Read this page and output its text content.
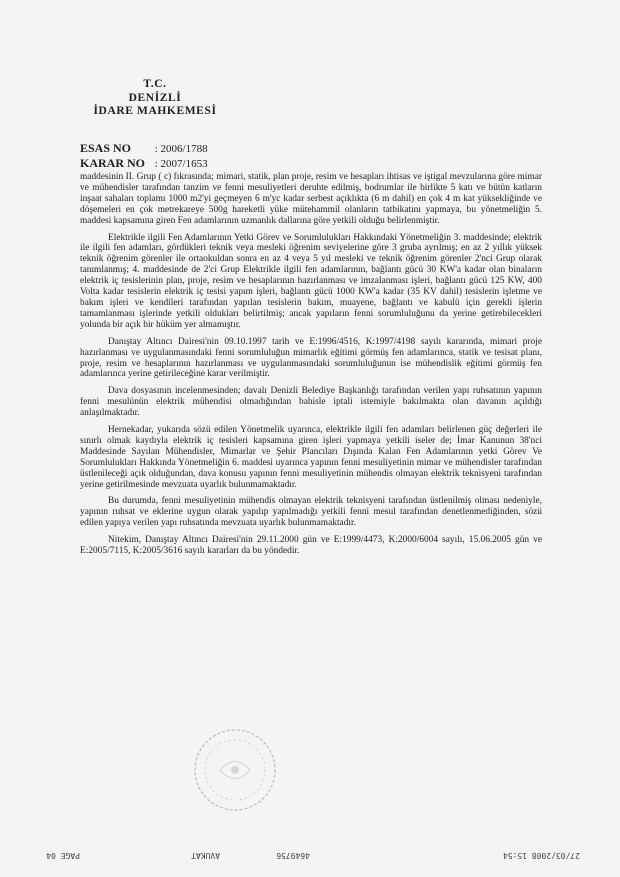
T.C.
DENİZLİ
İDARE MAHKEMESİ
ESAS NO : 2006/1788
KARAR NO : 2007/1653

maddesinin II. Grup ( c) fıkrasında; mimari, statik, plan proje, resim ve hesapları ihtisas ve iştigal mevzularına göre mimar ve mühendisler tarafından tanzim ve fenni mesuliyetleri deruhte edilmiş, bodrumlar ile birlikte 5 katı ve bütün katların inşaat sahaları toplamı 1000 m2'yi geçmeyen 6 m'yc kadar serbest açıklıkta (6 m dahil) en çok 4 m kat yüksekliğinde ve döşemeleri en çok metrekareye 500g hareketli yüke mütehammil olanların tatbikatını yapmaya, bu yönetmeliğin 5. maddesi kapsamına giren Fen adamlarının uzmanlık dallarına göre yetkili olduğu belirlenmiştir.

Elektrikle ilgili Fen Adamlarının Yetki Görev ve Sorumlulukları Hakkındaki Yönetmeliğin 3. maddesinde; elektrik ile ilgili fen adamları, gördükleri teknik veya mesleki öğrenim seviyelerine göre 3 gruba ayrılmış; en az 2 yıllık yüksek teknik öğrenim görenler ile ortaokuldan sonra en az 4 veya 5 yıl mesleki ve teknik öğrenim görenler 2'nci Grup olarak tanımlanmış; 4. maddesinde de 2'ci Grup Elektrikle ilgili fen adamlarının, bağlantı gücü 30 KW'a kadar olan binaların elektrik iç tesislerinin plan, proje, resim ve hesaplarının hazırlanması ve imzalanması işleri, bağlantı gücü 125 KW, 400 Volta kadar tesislerin elektrik iç tesisi yapım işleri, bağlantı gücü 1000 KW'a kadar (35 KV dahil) tesislerin işletme ve bakım işleri ve kendileri tarafından yapılan tesislerin bakım, muayene, bağlantı ve kabulü için gerekli işlerin tamamlanması işlerinde yetkili oldukları belirtilmiş; ancak yapıların fenni sorumluluğunu da yerine getirebilecekleri yolunda bir açık bir hüküm yer almamıştır.

Danıştay Altıncı Dairesi'nin 09.10.1997 tarih ve E:1996/4516, K:1997/4198 sayılı kararında, mimari proje hazırlanması ve uygulanmasındaki fenni sorumluluğun mimarlık eğitimi görmüş fen adamlarınca, statik ve tesisat planı, proje, resim ve hesaplarının hazırlanması ve uygulanmasındaki sorumluluğunun ise mühendislik eğitimi görmüş fen adamlarınca yerine getirileceğine karar verilmiştir.

Dava dosyasının incelenmesinden; davalı Denizli Belediye Başkanlığı tarafından verilen yapı ruhsatının yapının fenni mesulünün elektrik mühendisi olmadığından bahisle iptali istemiyle bakılmakta olan davanın açıldığı anlaşılmaktadır.

Hernekadar, yukarıda sözü edilen Yönetmelik uyarınca, elektrikle ilgili fen adamları belirlenen güç değerleri ile sınırlı olmak kaydıyla elektrik iç tesisleri kapsamına giren işleri yapmaya yetkili iseler de; İmar Kanunun 38'nci Maddesinde Sayılan Mühendisler, Mimarlar ve Şehir Plancıları Dışında Kalan Fen Adamlarının yetki Görev Ve Sorumlulukları Hakkında Yönetmeliğin 6. maddesi uyarınca yapının fenni mesuliyetinin mimar ve mühendisler tarafından üstlenileceği açık olduğundan, dava konusu yapının fenni mesuliyetinin mühendis olmayan elektrik teknisyeni tarafından yerine getirilmesinde mevzuata uyarlık bulunmamaktadır.

Bu durumda, fenni mesuliyetinin mühendis olmayan elektrik teknisyeni tarafından üstlenilmiş olması nedeniyle, yapının ruhsat ve eklerine uygun olarak yapılıp yapılmadığı yetkili fenni mesul tarafından denetlenmediğinden, sözü edilen yapıya verilen yapı ruhsatında mevzuata uyarlık bulunmamaktadır.

Nitekim, Danıştay Altıncı Dairesi'nin 29.11.2000 gün ve E:1999/4473, K:2000/6004 sayılı, 15.06.2005 gün ve E:2005/7115, K:2005/3616 sayılı kararları da bu yöndedir.

27/03/2008 15:54
4649756
AVUKAT
PAGE 04
